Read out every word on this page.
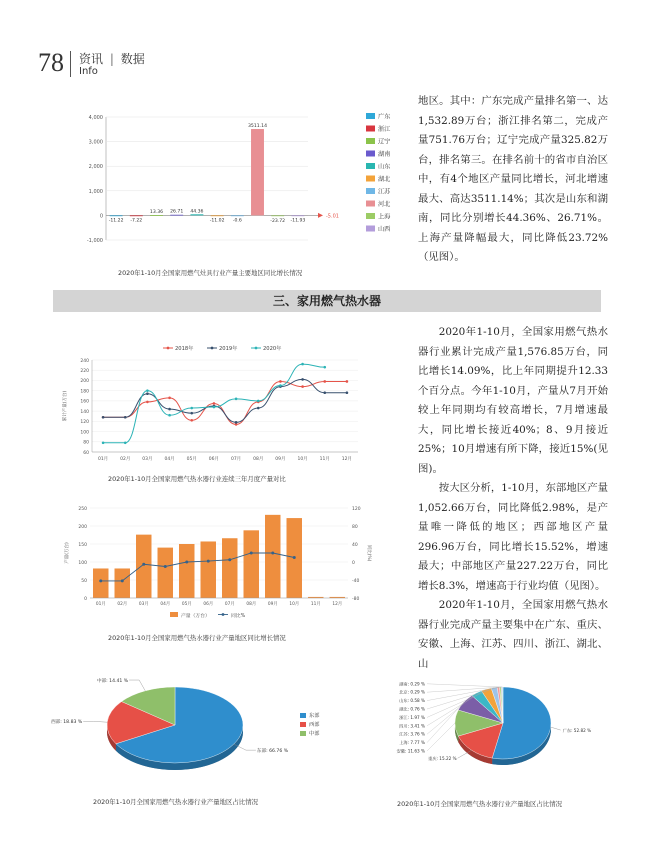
78 资讯 | 数据
Info
4,000
3,000
2,000
1,000
0
-1,000
-5.01
-11.22 -7.22
13.36 26.71 44.36
-11.02 -0.6
3511.14
-23.72 -11.93
广东
浙江
辽宁
湖南
山东
湖北
江苏
河北
上海
山西
2020年1-10月全国家用燃气灶具行业产量主要地区同比增长情况

地区。其中：广东完成产量排名第一、达1,532.89万台；浙江排名第二，完成产量751.76万台；辽宁完成产量325.82万台，排名第三。在排名前十的省市自治区中，有4个地区产量同比增长，河北增速最大、高达3511.14%；其次是山东和湖南，同比分别增长44.36%、26.71%。上海产量降幅最大，同比降低23.72%（见图）。

三、家用燃气热水器
240
220
200
180
160
140
120
100
80
60
01月	02月	03月	04月	05月	06月	07月	08月	09月	10月	11月	12月
累计产量(万台)
2018年	2019年	2020年
2020年1-10月全国家用燃气热水器行业连续三年月度产量对比
250
200
150
100
50
0
120
80
40
0
-40
-80
产量(万台)	同比(%)
01月	02月	03月	04月	05月	06月	07月	08月	09月	10月	11月	12月
产量（万台）	同比%
2020年1-10月全国家用燃气热水器行业产量地区同比增长情况

2020年1-10月，全国家用燃气热水器行业累计完成产量1,576.85万台，同比增长14.09%，比上年同期提升12.33个百分点。今年1-10月，产量从7月开始较上年同期均有较高增长，7月增速最大，同比增长接近40%；8、9月接近25%；10月增速有所下降，接近15%(见图)。

按大区分析，1-10月，东部地区产量1,052.66万台，同比降低2.98%，是产量唯一降低的地区；西部地区产量296.96万台，同比增长15.52%，增速最大；中部地区产量227.22万台，同比增长8.3%，增速高于行业均值（见图）。

2020年1-10月，全国家用燃气热水器行业完成产量主要集中在广东、重庆、安徽、上海、江苏、四川、浙江、湖北、山

东部: 66.76 %
西部: 18.83 %
中部: 14.41 %
东部
西部
中部
2020年1-10月全国家用燃气热水器行业产量地区占比情况
广东: 52.82 %
重庆: 15.22 %
安徽: 11.63 %
上海: 7.77 %
江苏: 3.76 %
四川: 3.41 %
浙江: 1.97 %
湖北: 0.76 %
山东: 0.58 %
北京: 0.29 %
湖南: 0.29 %
2020年1-10月全国家用燃气热水器行业产量地区占比情况
